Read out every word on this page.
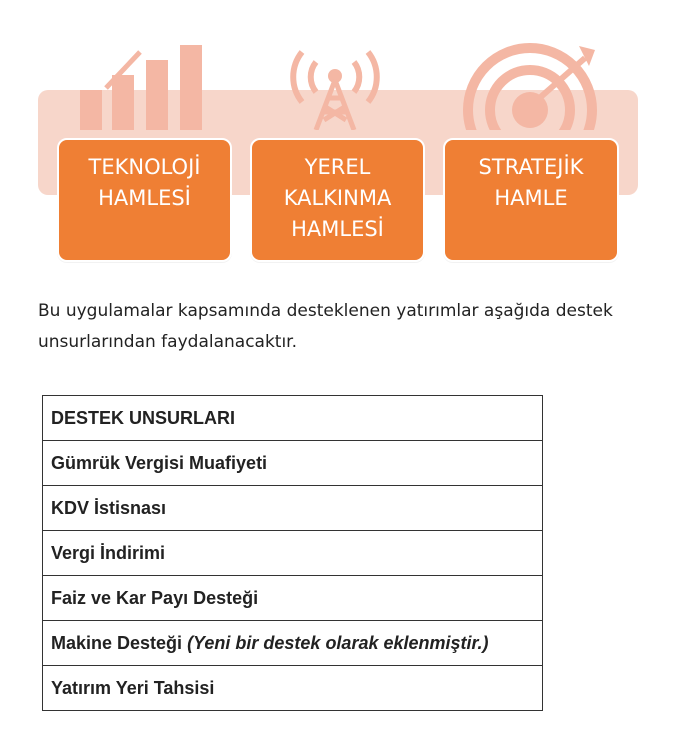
TEKNOLOJİ
HAMLESİ
YEREL
KALKINMA
HAMLESİ
STRATEJİK
HAMLE

Bu uygulamalar kapsamında desteklenen yatırımlar aşağıda destek
unsurlarından faydalanacaktır.

DESTEK UNSURLARI
Gümrük Vergisi Muafiyeti
KDV İstisnası
Vergi İndirimi
Faiz ve Kar Payı Desteği
Makine Desteği (Yeni bir destek olarak eklenmiştir.)
Yatırım Yeri Tahsisi
